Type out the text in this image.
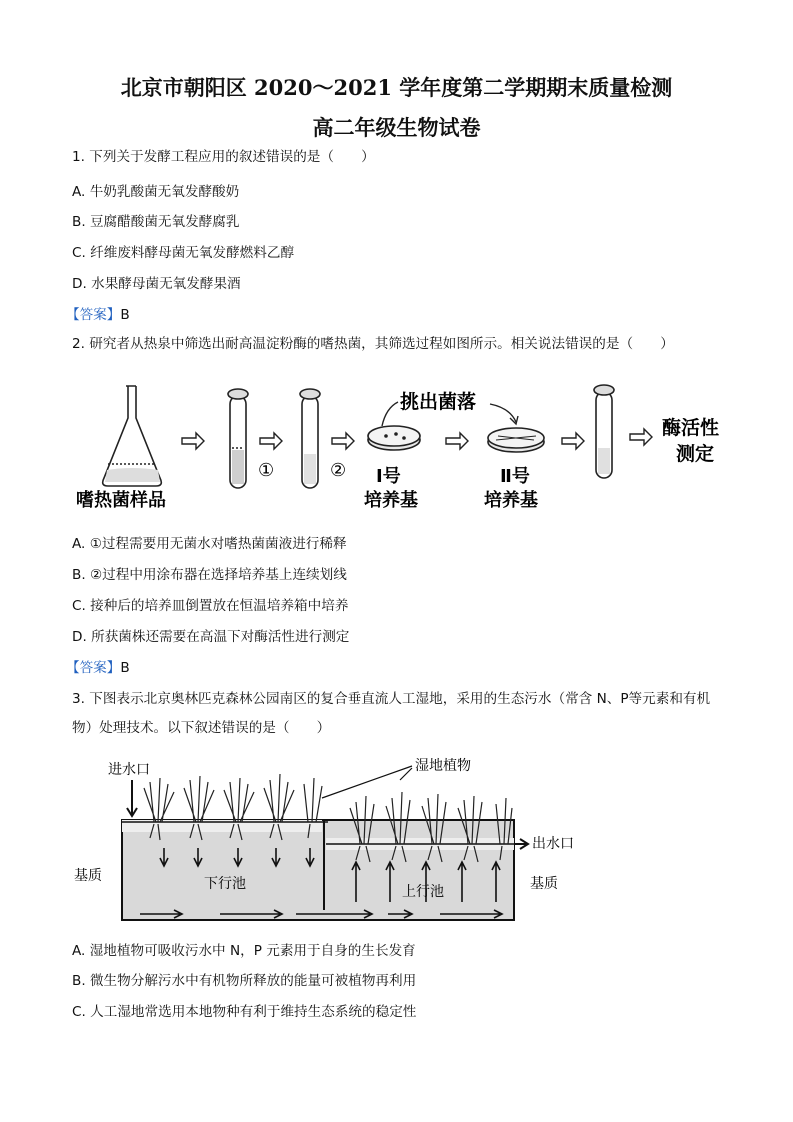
北京市朝阳区 2020～2021 学年度第二学期期末质量检测
高二年级生物试卷
1. 下列关于发酵工程应用的叙述错误的是（　　）
A. 牛奶乳酸菌无氧发酵酸奶
B. 豆腐醋酸菌无氧发酵腐乳
C. 纤维废料酵母菌无氧发酵燃料乙醇
D. 水果酵母菌无氧发酵果酒
【答案】B
2. 研究者从热泉中筛选出耐高温淀粉酶的嗜热菌，其筛选过程如图所示。相关说法错误的是（　　）
嗜热菌样品
①	②
挑出菌落
Ⅰ号
培养基
Ⅱ号
培养基
酶活性
测定
A. ①过程需要用无菌水对嗜热菌菌液进行稀释
B. ②过程中用涂布器在选择培养基上连续划线
C. 接种后的培养皿倒置放在恒温培养箱中培养
D. 所获菌株还需要在高温下对酶活性进行测定
【答案】B
3. 下图表示北京奥林匹克森林公园南区的复合垂直流人工湿地，采用的生态污水（常含 N、P等元素和有机
物）处理技术。以下叙述错误的是（　　）
进水口	湿地植物
出水口
基质	基质
下行池	上行池
A. 湿地植物可吸收污水中 N，P 元素用于自身的生长发育
B. 微生物分解污水中有机物所释放的能量可被植物再利用
C. 人工湿地常选用本地物种有利于维持生态系统的稳定性
